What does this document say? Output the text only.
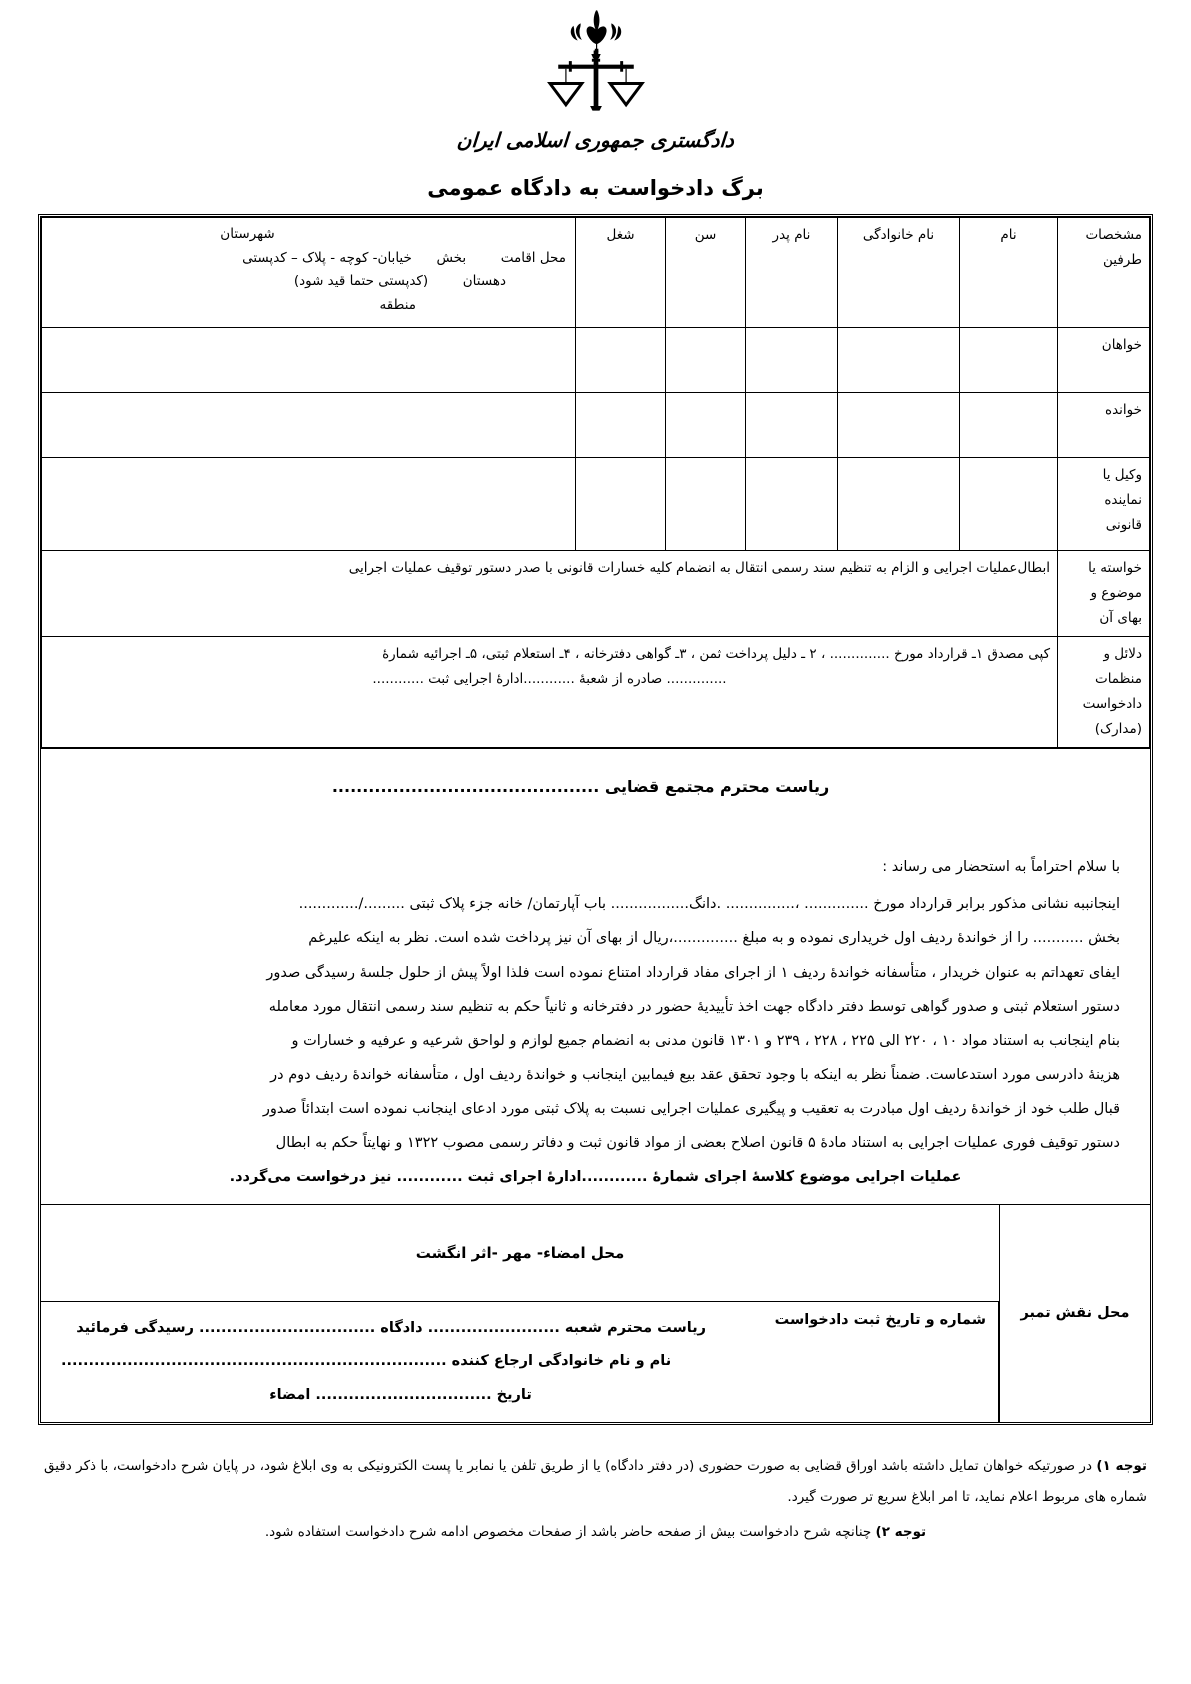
دادگستری جمهوری اسلامی ایران
برگ دادخواست به دادگاه عمومی
مشخصات طرفین	نام	نام خانوادگی	نام پدر	سن	شغل	شهرستان
محل اقامت  بخش  خیابان- کوچه - پلاک – کدپستی
دهستان  (کدپستی حتما قید شود)
منطقه

خواهان						
خوانده						
وکیل یا نماینده قانونی						
خواسته یا موضوع و بهای آن	ابطال‌عملیات اجرایی و الزام به تنظیم سند رسمی انتقال به انضمام کلیه خسارات قانونی با صدر دستور توقیف عملیات اجرایی					
دلائل و منظمات دادخواست (مدارک)	کپی مصدق ۱ـ قرارداد مورخ .............. ، ۲ ـ دلیل پرداخت ثمن ، ۳ـ گواهی دفترخانه ، ۴ـ استعلام ثبتی، ۵ـ اجرائیه شمارۀ
.............. صادره از شعبۀ ............ادارۀ اجرایی ثبت ............					
ریاست محترم مجتمع قضایی ............................................
با سلام احتراماً به استحضار می رساند :

اینجانببه نشانی مذکور برابر قرارداد مورخ .............. ،............... .دانگ................. باب آپارتمان/ خانه جزء پلاک ثبتی ........./.............

بخش ........... را از خواندۀ ردیف اول خریداری نموده و به مبلغ ..............،ریال از بهای آن نیز پرداخت شده است. نظر به اینکه علیرغم

ایفای تعهداتم به عنوان خریدار ، متأسفانه خواندۀ ردیف ۱ از اجرای مفاد قرارداد امتناع نموده است فلذا اولاً پیش از حلول جلسۀ رسیدگی صدور

دستور استعلام ثبتی و صدور گواهی توسط دفتر دادگاه جهت اخذ تأییدیۀ حضور در دفترخانه و ثانیاً حکم به تنظیم سند رسمی انتقال مورد معامله

بنام اینجانب به استناد مواد ۱۰ ، ۲۲۰ الی ۲۲۵ ، ۲۲۸ ، ۲۳۹ و ۱۳۰۱ قانون مدنی به انضمام جمیع لوازم و لواحق شرعیه و عرفیه و خسارات و

هزینۀ دادرسی مورد استدعاست. ضمناً نظر به اینکه با وجود تحقق عقد بیع فیمابین اینجانب و خواندۀ ردیف اول ، متأسفانه خواندۀ ردیف دوم در

قبال طلب خود از خواندۀ ردیف اول مبادرت به تعقیب و پیگیری عملیات اجرایی نسبت به پلاک ثبتی مورد ادعای اینجانب نموده است ابتدائاً صدور

دستور توقیف فوری عملیات اجرایی به استناد مادۀ ۵ قانون اصلاح بعضی از مواد قانون ثبت و دفاتر رسمی مصوب ۱۳۲۲ و نهایتاً حکم به ابطال

عملیات اجرایی موضوع کلاسۀ اجرای شمارۀ ............ادارۀ اجرای ثبت ............ نیز درخواست می‌گردد.

محل نقش تمبر
محل امضاء- مهر -اثر انگشت
شماره و تاریخ ثبت دادخواست
ریاست محترم شعبه ........................ دادگاه ................................ رسیدگی فرمائید
نام و نام خانوادگی ارجاع کننده ......................................................................
تاریخ ................................ امضاء
توجه ۱) در صورتیکه خواهان تمایل داشته باشد اوراق قضایی به صورت حضوری (در دفتر دادگاه) یا از طریق تلفن یا نمابر یا پست الکترونیکی به وی ابلاغ شود، در پایان شرح دادخواست، با ذکر دقیق شماره های مربوط اعلام نماید، تا امر ابلاغ سریع تر صورت گیرد.
توجه ۲) چنانچه شرح دادخواست بیش از صفحه حاضر باشد از صفحات مخصوص ادامه شرح دادخواست استفاده شود.
